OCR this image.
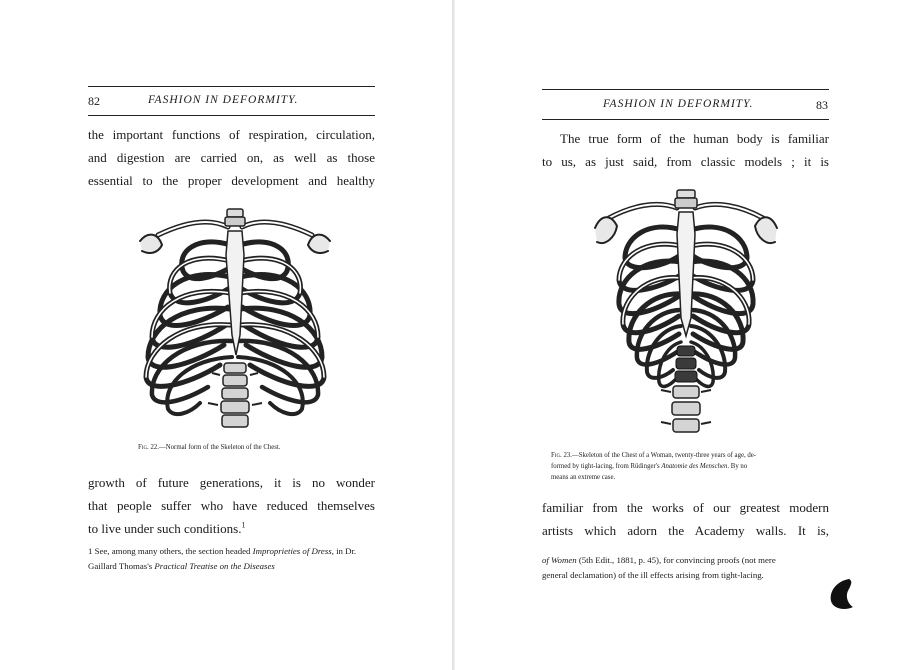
82	FASHION IN DEFORMITY.
the important functions of respiration, circulation,
and digestion are carried on, as well as those
essential to the proper development and healthy
Fig. 22.—Normal form of the Skeleton of the Chest.
growth of future generations, it is no wonder
that people suffer who have reduced themselves
to live under such conditions.$^1$
1 See, among many others, the section headed Improprieties of Dress, in Dr. Gaillard Thomas's Practical Treatise on the Diseases
FASHION IN DEFORMITY.	83
The true form of the human body is familiar
to us, as just said, from classic models ; it is
Fig. 23.—Skeleton of the Chest of a Woman, twenty-three years of age, de-
formed by tight-lacing, from Rüdinger's Anatomie des Menschen. By no
means an extreme case.
familiar from the works of our greatest modern
artists which adorn the Academy walls. It is,
of Women (5th Edit., 1881, p. 45), for convincing proofs (not mere
general declamation) of the ill effects arising from tight-lacing.
